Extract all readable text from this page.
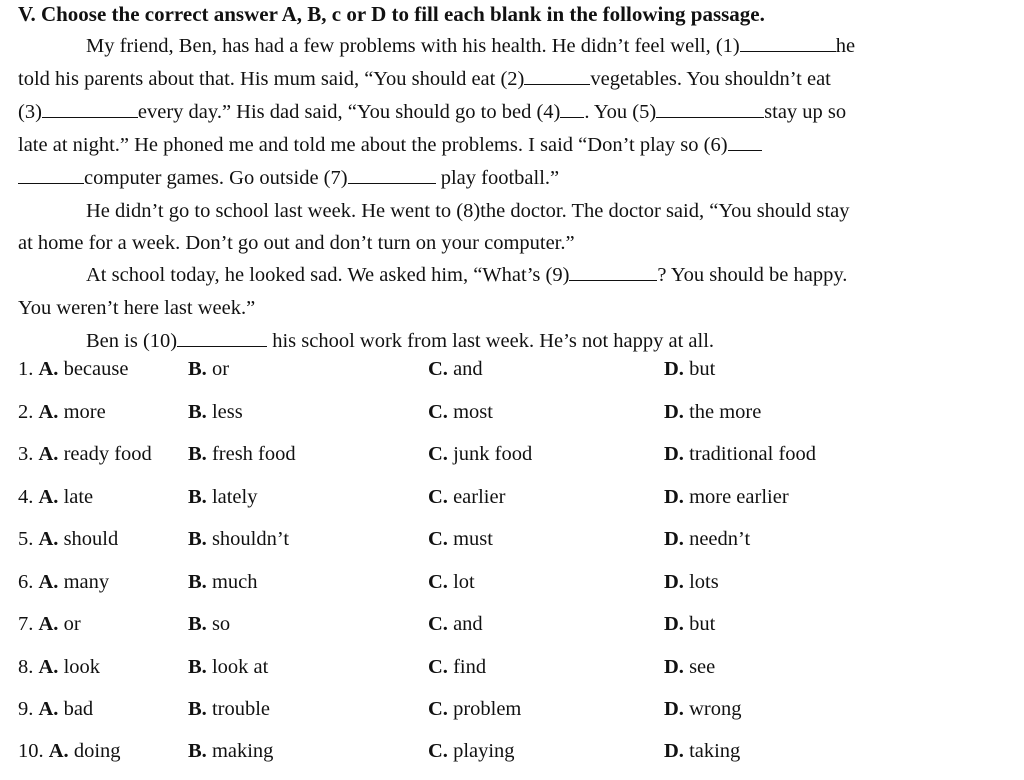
V. Choose the correct answer A, B, c or D to fill each blank in the following passage.
My friend, Ben, has had a few problems with his health. He didn’t feel well, (1)	he
told his parents about that. His mum said, “You should eat (2)	vegetables. You shouldn’t eat
(3)	every day.” His dad said, “You should go to bed (4) . You (5)	stay up so
late at night.” He phoned me and told me about the problems. I said “Don’t play so (6)
computer games. Go outside (7)	play football.”
He didn’t go to school last week. He went to (8)the doctor. The doctor said, “You should stay
at home for a week. Don’t go out and don’t turn on your computer.”
At school today, he looked sad. We asked him, “What’s (9)	? You should be happy.
You weren’t here last week.”
Ben is (10)	his school work from last week. He’s not happy at all.
1. A. because	B. or	C. and	D. but
2. A. more	B. less	C. most	D. the more
3. A. ready food B. fresh food	C. junk food	D. traditional food
4. A. late	B. lately	C. earlier	D. more earlier
5. A. should	B. shouldn’t	C. must	D. needn’t
6. A. many	B. much	C. lot	D. lots
7. A. or	B. so	C. and	D. but
8. A. look	B. look at	C. find	D. see
9. A. bad	B. trouble	C. problem	D. wrong
10. A. doing	B. making	C. playing	D. taking
